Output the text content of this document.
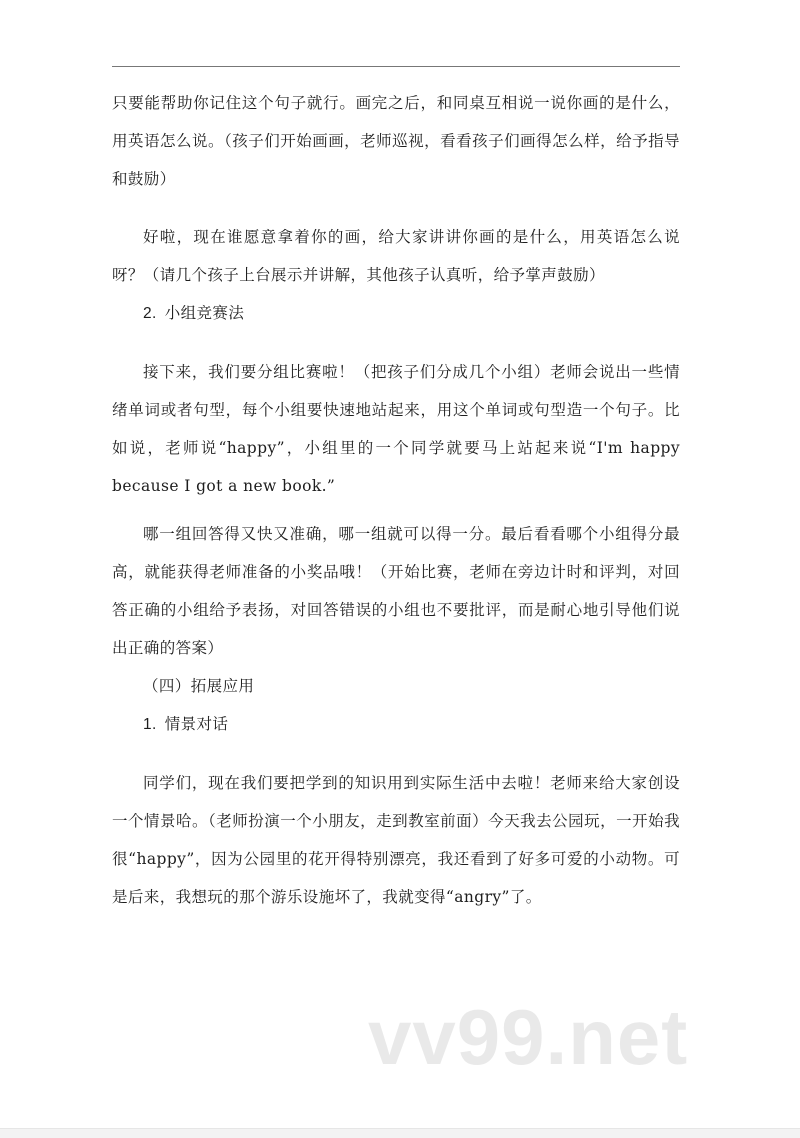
只要能帮助你记住这个句子就行。画完之后，和同桌互相说一说你画的是什么，用英语怎么说。（孩子们开始画画，老师巡视，看看孩子们画得怎么样，给予指导和鼓励）

好啦，现在谁愿意拿着你的画，给大家讲讲你画的是什么，用英语怎么说呀？（请几个孩子上台展示并讲解，其他孩子认真听，给予掌声鼓励）

2. 小组竞赛法

接下来，我们要分组比赛啦！（把孩子们分成几个小组）老师会说出一些情绪单词或者句型，每个小组要快速地站起来，用这个单词或句型造一个句子。比如说，老师说“happy”，小组里的一个同学就要马上站起来说“I'm happy because I got a new book.”

哪一组回答得又快又准确，哪一组就可以得一分。最后看看哪个小组得分最高，就能获得老师准备的小奖品哦！（开始比赛，老师在旁边计时和评判，对回答正确的小组给予表扬，对回答错误的小组也不要批评，而是耐心地引导他们说出正确的答案）

（四）拓展应用

1. 情景对话

同学们，现在我们要把学到的知识用到实际生活中去啦！老师来给大家创设一个情景哈。（老师扮演一个小朋友，走到教室前面）今天我去公园玩，一开始我很“happy”，因为公园里的花开得特别漂亮，我还看到了好多可爱的小动物。可是后来，我想玩的那个游乐设施坏了，我就变得“angry”了。

vv99.net
